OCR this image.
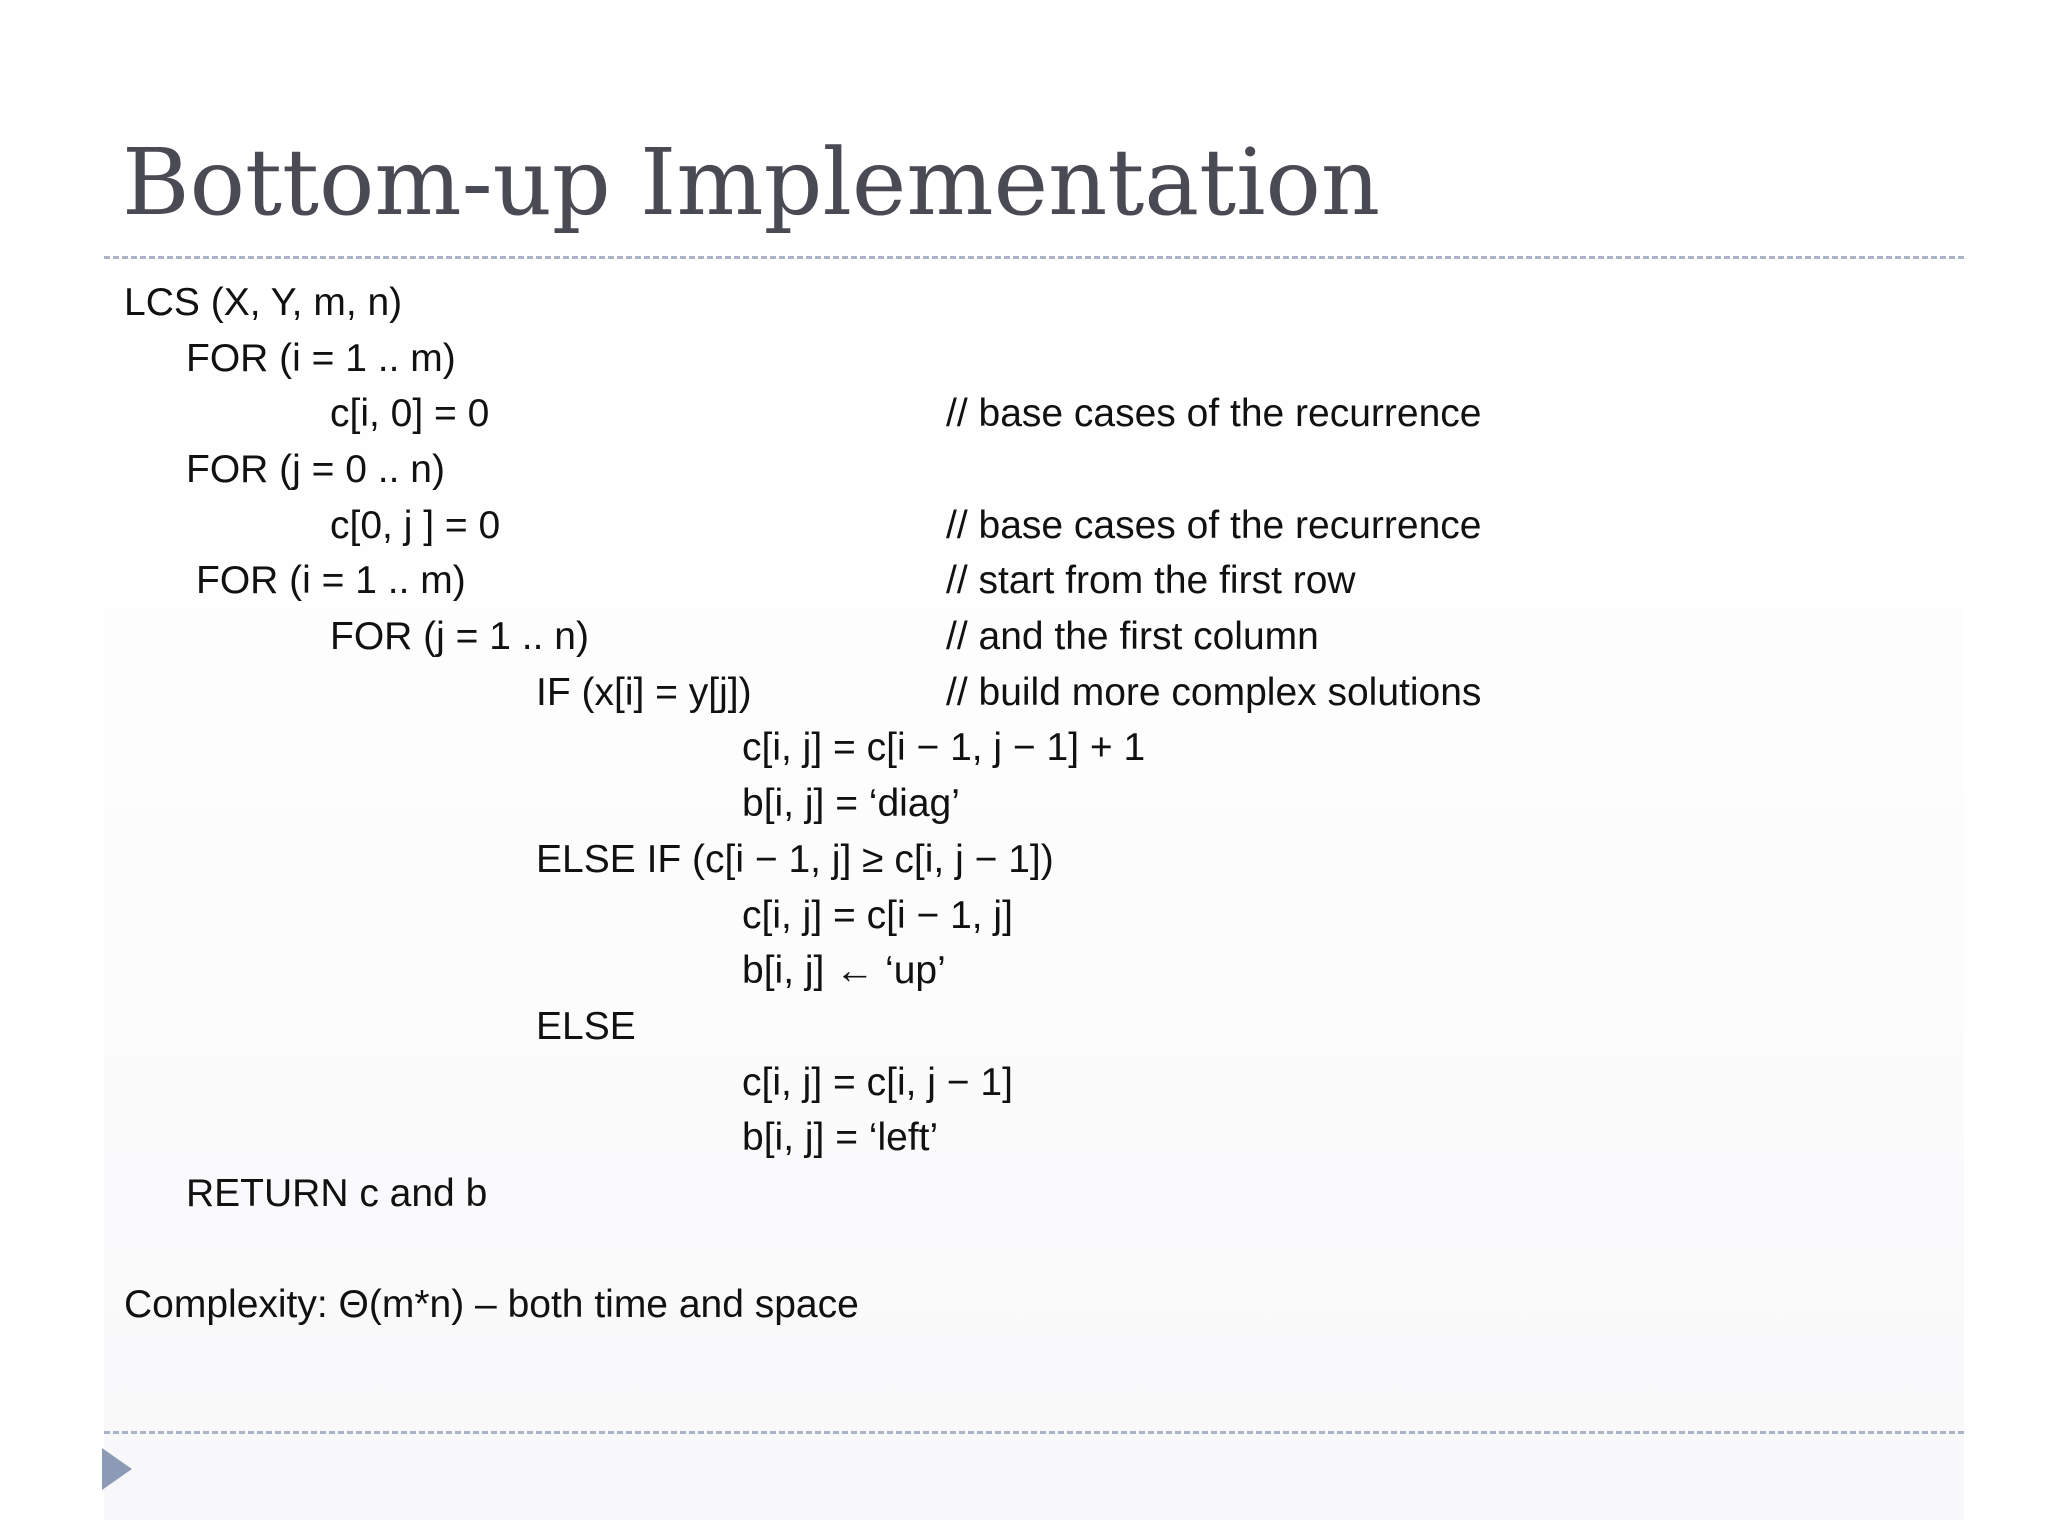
Bottom-up Implementation

LCS (X, Y, m, n)

FOR (i = 1 .. m)

c[i, 0] = 0	// base cases of the recurrence

FOR (j = 0 .. n)

c[0, j ] = 0	// base cases of the recurrence

FOR (i = 1 .. m)	// start from the first row

FOR (j = 1 .. n)	// and the first column

IF (x[i] = y[j])	// build more complex solutions

c[i, j] = c[i − 1, j − 1] + 1

b[i, j] = ‘diag’

ELSE IF (c[i − 1, j] ≥ c[i, j − 1])

c[i, j] = c[i − 1, j]

b[i, j] ← ‘up’

ELSE

c[i, j] = c[i, j − 1]

b[i, j] = ‘left’

RETURN c and b

Complexity: Θ(m*n) – both time and space
